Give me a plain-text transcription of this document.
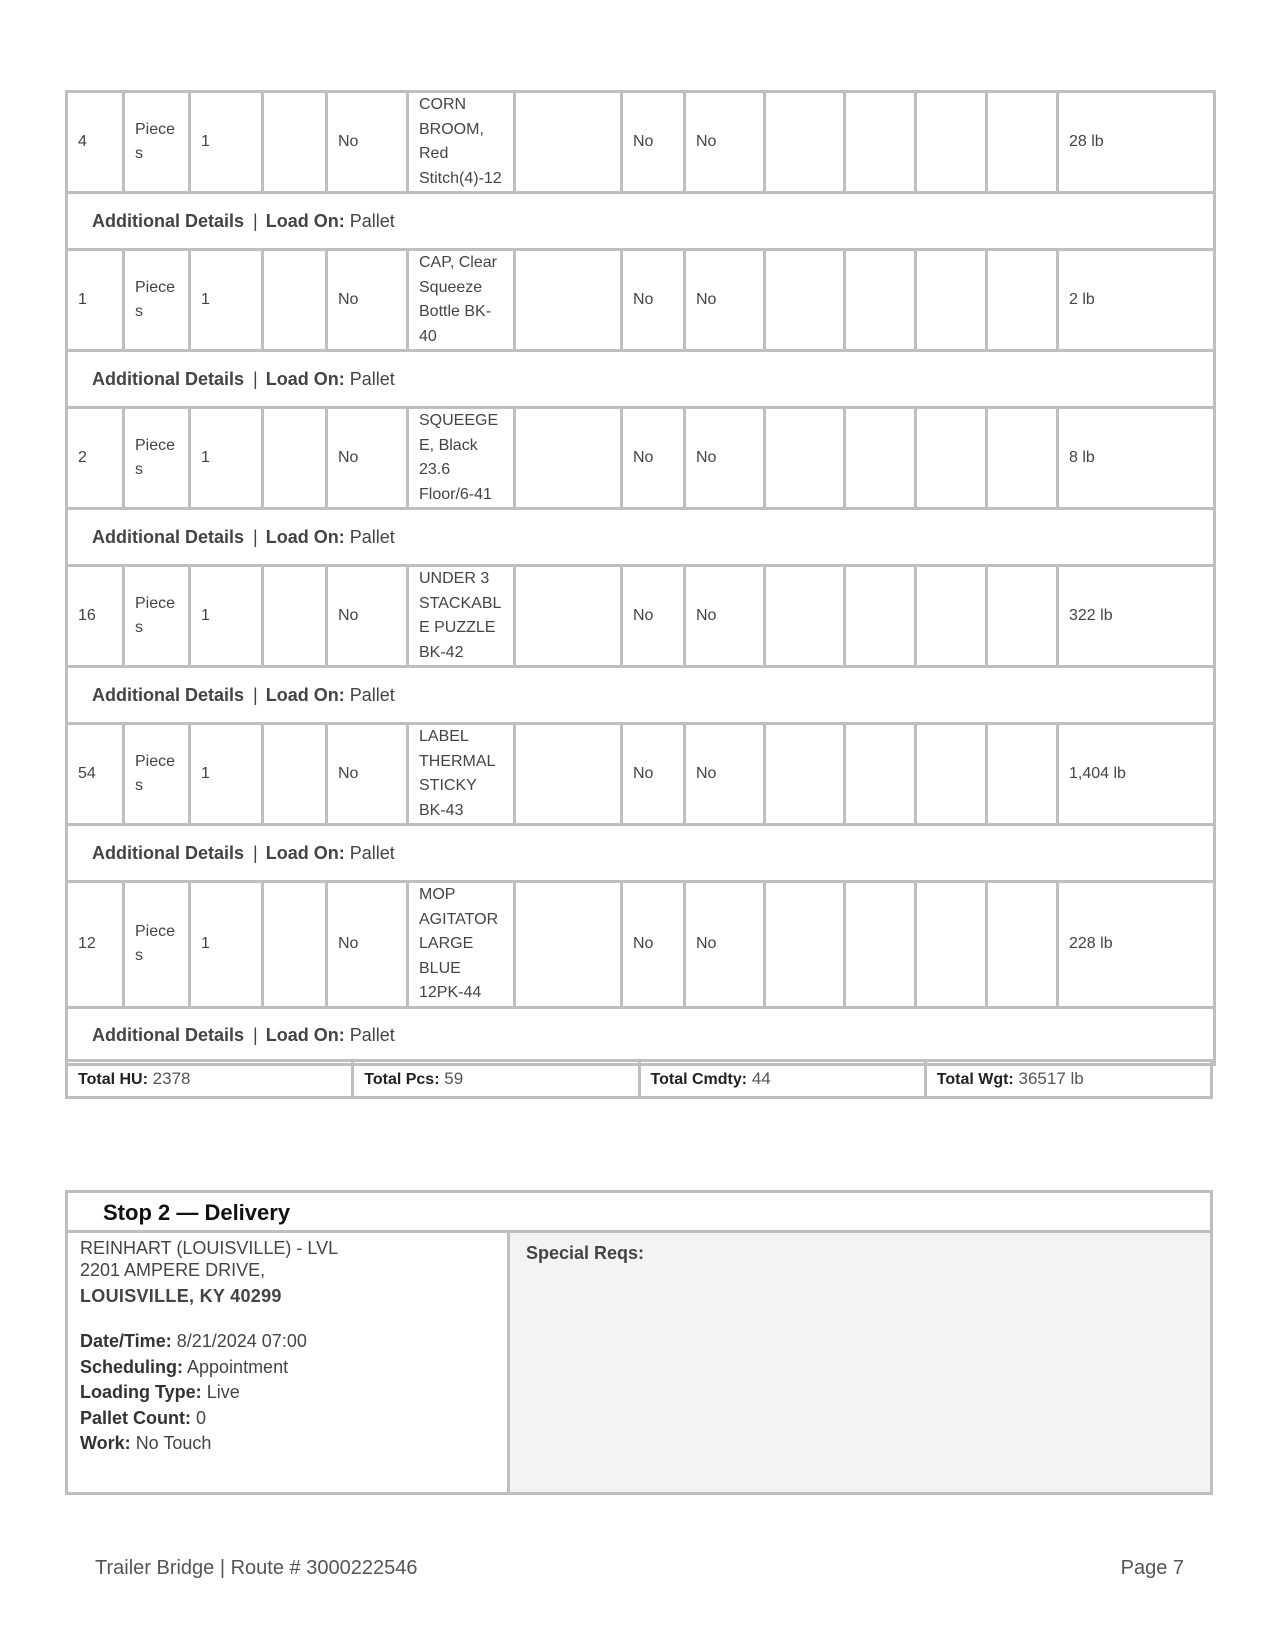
4	Pieces	1		No	CORN BROOM, Red Stitch(4)-12		No	No					28 lb
Additional Details | Load On: Pallet													
1	Pieces	1		No	CAP, Clear Squeeze Bottle BK-40		No	No					2 lb
Additional Details | Load On: Pallet													
2	Pieces	1		No	SQUEEGEE, Black 23.6 Floor/6-41		No	No					8 lb
Additional Details | Load On: Pallet													
16	Pieces	1		No	UNDER 3 STACKABLE PUZZLE BK-42		No	No					322 lb
Additional Details | Load On: Pallet													
54	Pieces	1		No	LABEL THERMAL STICKY BK-43		No	No					1,404 lb
Additional Details | Load On: Pallet													
12	Pieces	1		No	MOP AGITATOR LARGE BLUE 12PK-44		No	No					228 lb
Additional Details | Load On: Pallet													
Total HU: 2378	Total Pcs: 59	Total Cmdty: 44	Total Wgt: 36517 lb
Stop 2 — Delivery
REINHART (LOUISVILLE) - LVL
2201 AMPERE DRIVE,
LOUISVILLE, KY 40299
Date/Time: 8/21/2024 07:00
Scheduling: Appointment
Loading Type: Live
Pallet Count: 0
Work: No Touch
Special Reqs:
Trailer Bridge | Route # 3000222546	Page 7
